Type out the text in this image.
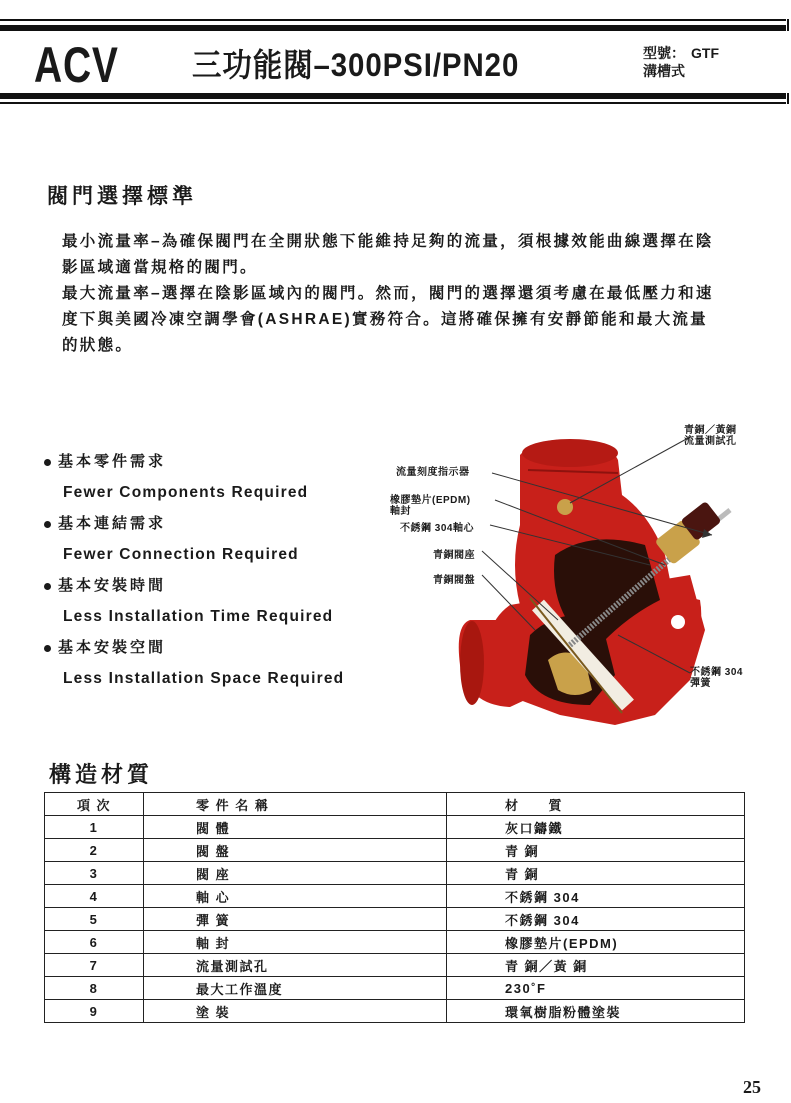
ACV 三功能閥–300PSI/PN20	型號： GTF
溝槽式
閥門選擇標準

最小流量率–為確保閥門在全開狀態下能維持足夠的流量，須根據效能曲線選擇在陰

影區域適當規格的閥門。

最大流量率–選擇在陰影區域內的閥門。然而，閥門的選擇還須考慮在最低壓力和速

度下與美國冷凍空調學會(ASHRAE)實務符合。這將確保擁有安靜節能和最大流量

的狀態。

基本零件需求
Fewer Components Required
基本連結需求
Fewer Connection Required
基本安裝時間
Less Installation Time Required
基本安裝空間
Less Installation Space Required
青銅／黃銅
流量測試孔
流量刻度指示器
橡膠墊片(EPDM)
軸封
不銹鋼 304軸心
青銅閥座
青銅閥盤
不銹鋼 304
彈簧
構造材質
項 次	零 件 名 稱	材　　質
1	閥 體	灰口鑄鐵
2	閥 盤	青 銅
3	閥 座	青 銅
4	軸 心	不銹鋼 304
5	彈 簧	不銹鋼 304
6	軸 封	橡膠墊片(EPDM)
7	流量測試孔	青 銅／黃 銅
8	最大工作溫度	230˚F
9	塗 裝	環氧樹脂粉體塗裝
25
